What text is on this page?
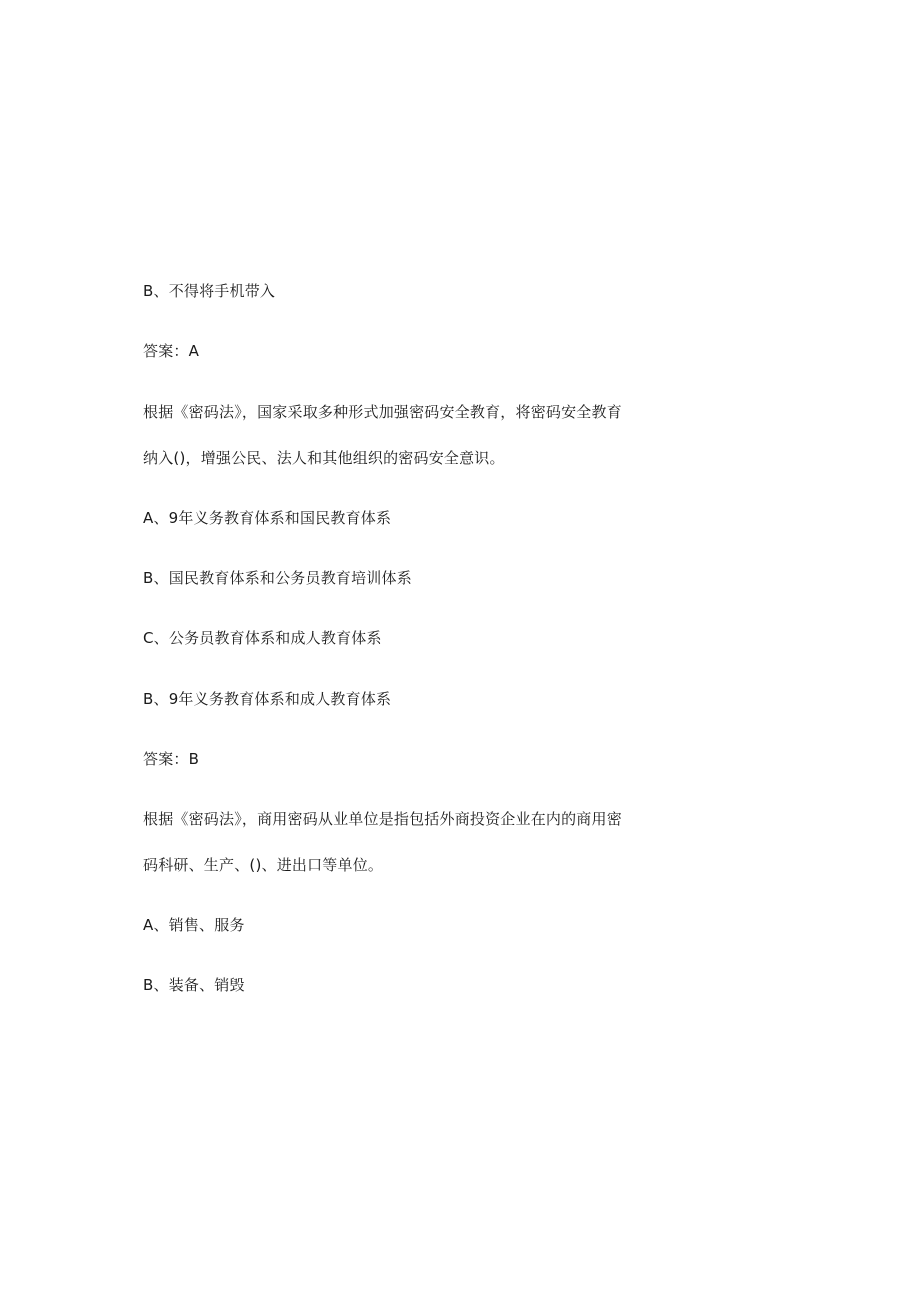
B、不得将手机带入
答案：A
根据《密码法》，国家采取多种形式加强密码安全教育，将密码安全教育
纳入()，增强公民、法人和其他组织的密码安全意识。
A、9年义务教育体系和国民教育体系
B、国民教育体系和公务员教育培训体系
C、公务员教育体系和成人教育体系
B、9年义务教育体系和成人教育体系
答案：B
根据《密码法》，商用密码从业单位是指包括外商投资企业在内的商用密
码科研、生产、()、进出口等单位。
A、销售、服务
B、装备、销毁
